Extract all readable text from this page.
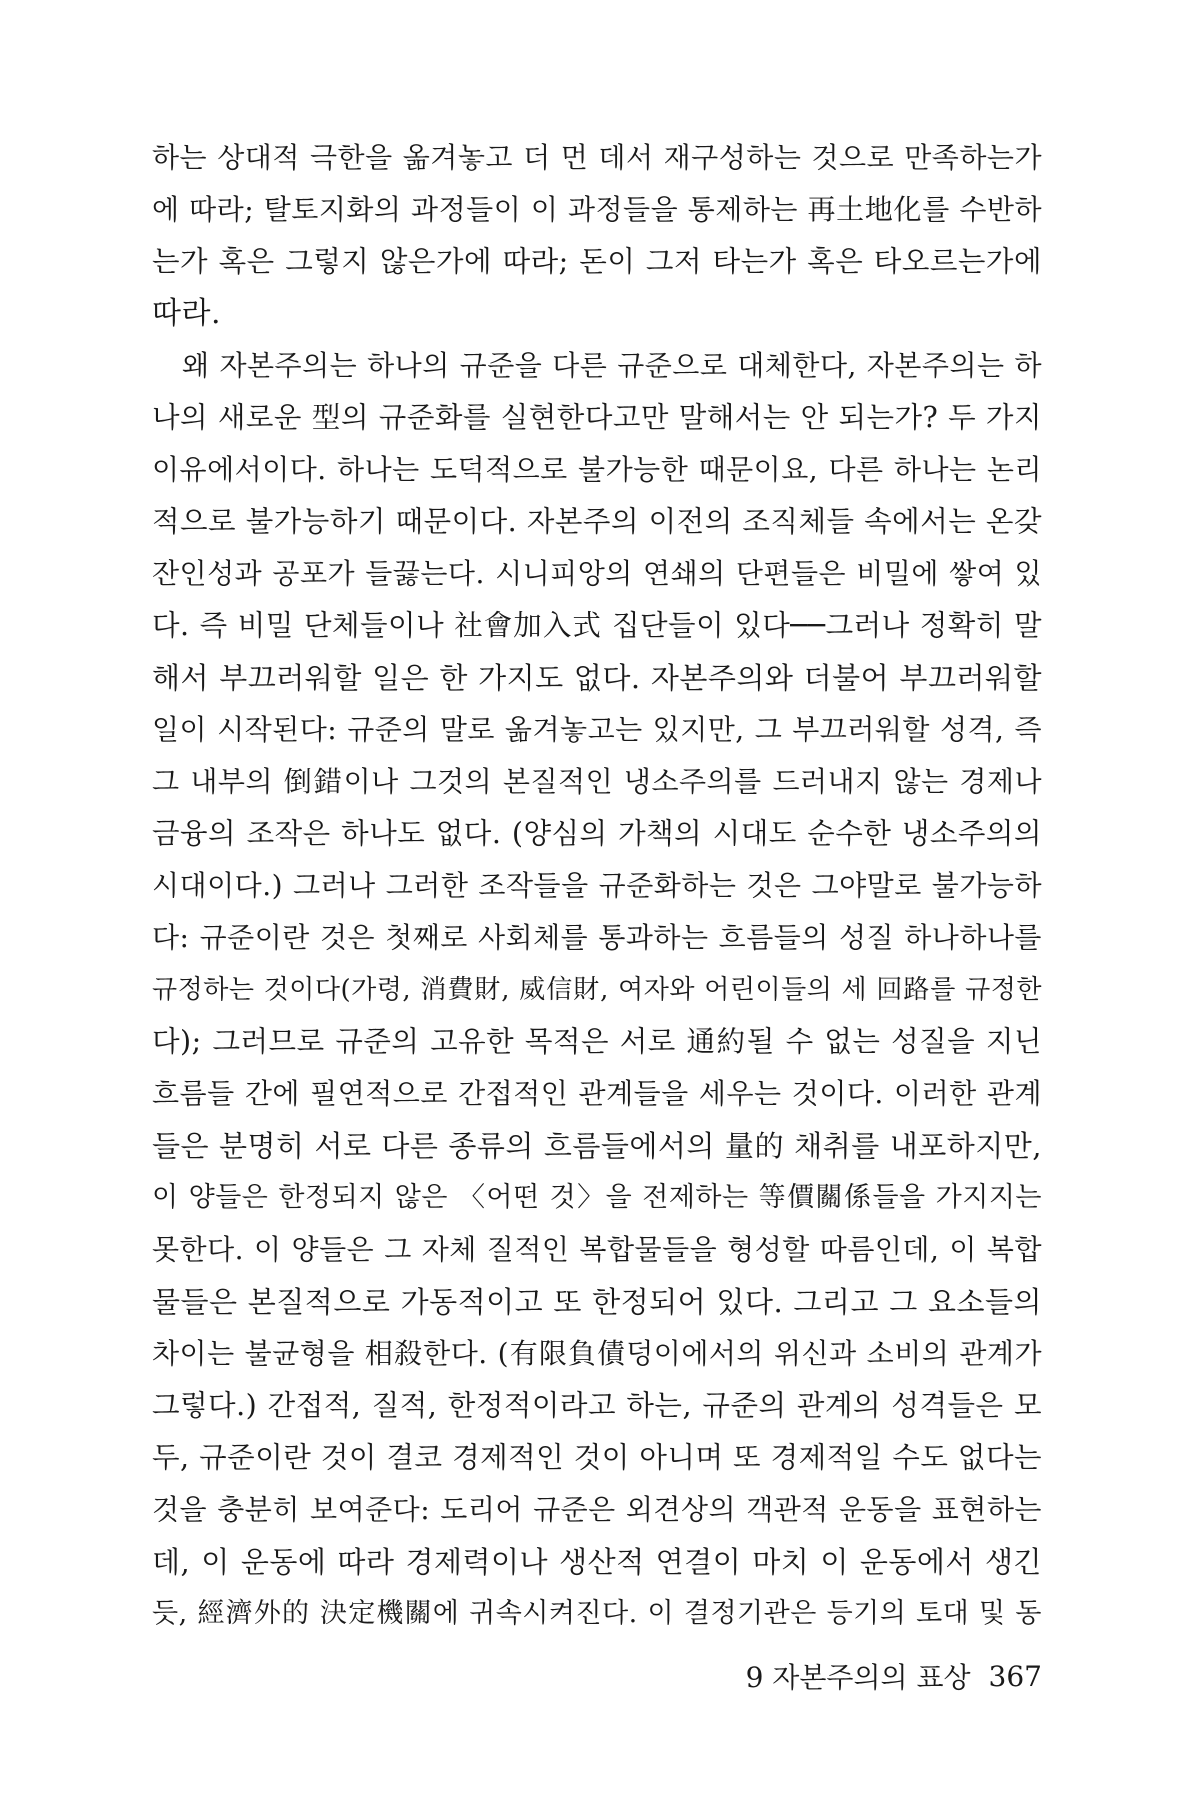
하는 상대적 극한을 옮겨놓고 더 먼 데서 재구성하는 것으로 만족하는가
에 따라; 탈토지화의 과정들이 이 과정들을 통제하는 再土地化를 수반하
는가 혹은 그렇지 않은가에 따라; 돈이 그저 타는가 혹은 타오르는가에
따라.
왜 자본주의는 하나의 규준을 다른 규준으로 대체한다, 자본주의는 하
나의 새로운 型의 규준화를 실현한다고만 말해서는 안 되는가? 두 가지
이유에서이다. 하나는 도덕적으로 불가능한 때문이요, 다른 하나는 논리
적으로 불가능하기 때문이다. 자본주의 이전의 조직체들 속에서는 온갖
잔인성과 공포가 들끓는다. 시니피앙의 연쇄의 단편들은 비밀에 쌓여 있
다. 즉 비밀 단체들이나 社會加入式 집단들이 있다──그러나 정확히 말
해서 부끄러워할 일은 한 가지도 없다. 자본주의와 더불어 부끄러워할
일이 시작된다: 규준의 말로 옮겨놓고는 있지만, 그 부끄러워할 성격, 즉
그 내부의 倒錯이나 그것의 본질적인 냉소주의를 드러내지 않는 경제나
금융의 조작은 하나도 없다. (양심의 가책의 시대도 순수한 냉소주의의
시대이다.) 그러나 그러한 조작들을 규준화하는 것은 그야말로 불가능하
다: 규준이란 것은 첫째로 사회체를 통과하는 흐름들의 성질 하나하나를
규정하는 것이다(가령, 消費財, 威信財, 여자와 어린이들의 세 回路를 규정한
다); 그러므로 규준의 고유한 목적은 서로 通約될 수 없는 성질을 지닌
흐름들 간에 필연적으로 간접적인 관계들을 세우는 것이다. 이러한 관계
들은 분명히 서로 다른 종류의 흐름들에서의 量的 채취를 내포하지만,
이 양들은 한정되지 않은 〈어떤 것〉을 전제하는 等價關係들을 가지지는
못한다. 이 양들은 그 자체 질적인 복합물들을 형성할 따름인데, 이 복합
물들은 본질적으로 가동적이고 또 한정되어 있다. 그리고 그 요소들의
차이는 불균형을 相殺한다. (有限負債덩이에서의 위신과 소비의 관계가
그렇다.) 간접적, 질적, 한정적이라고 하는, 규준의 관계의 성격들은 모
두, 규준이란 것이 결코 경제적인 것이 아니며 또 경제적일 수도 없다는
것을 충분히 보여준다: 도리어 규준은 외견상의 객관적 운동을 표현하는
데, 이 운동에 따라 경제력이나 생산적 연결이 마치 이 운동에서 생긴
듯, 經濟外的 決定機關에 귀속시켜진다. 이 결정기관은 등기의 토대 및 동
9 자본주의의 표상 367
